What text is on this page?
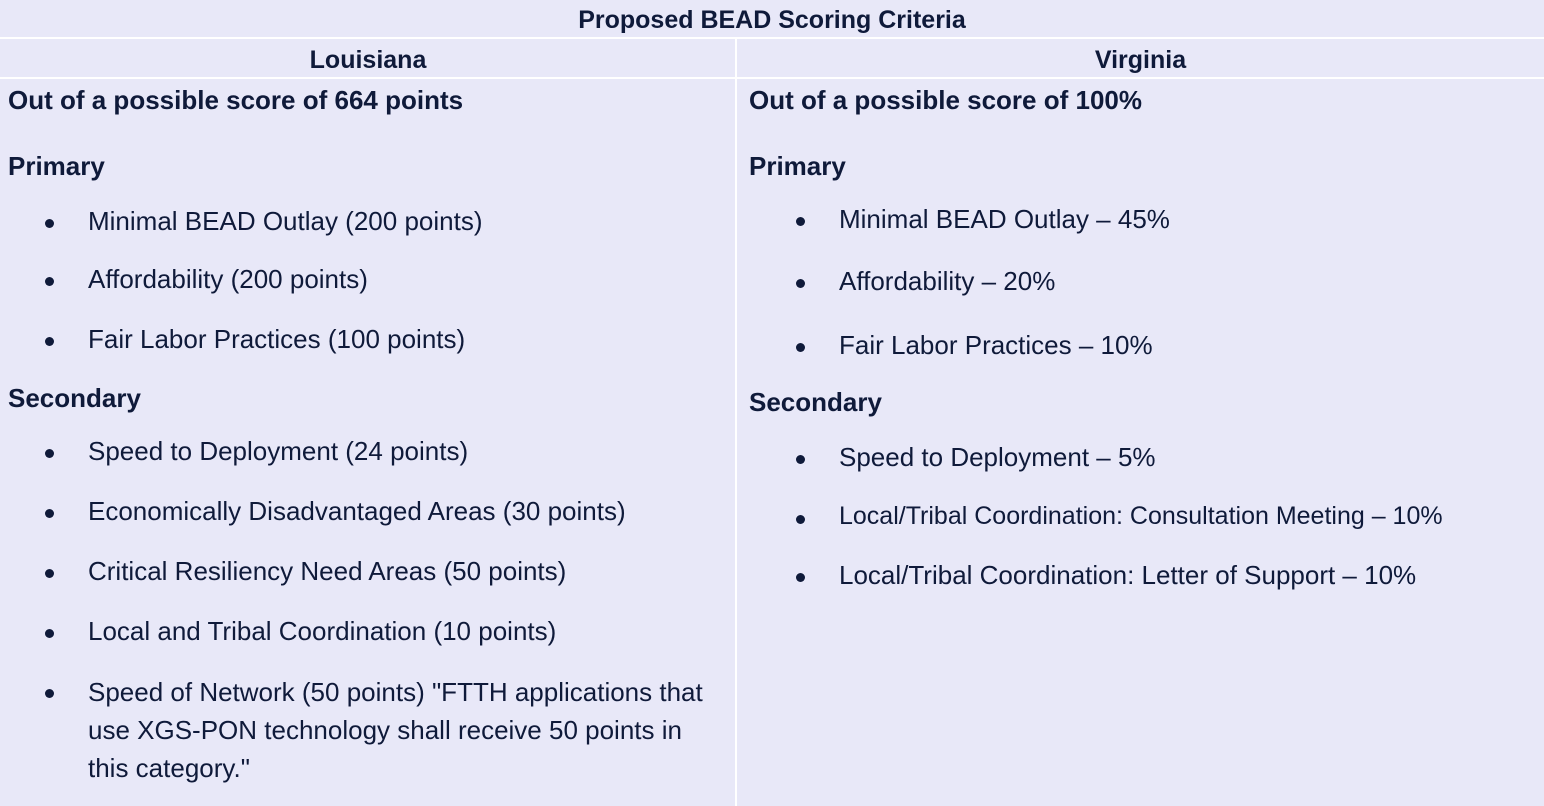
Proposed BEAD Scoring Criteria
Louisiana	Virginia
Out of a possible score of 664 points
Primary
Minimal BEAD Outlay (200 points)
Affordability (200 points)
Fair Labor Practices (100 points)
Secondary
Speed to Deployment (24 points)
Economically Disadvantaged Areas (30 points)
Critical Resiliency Need Areas (50 points)
Local and Tribal Coordination (10 points)
Speed of Network (50 points) "FTTH applications that use XGS-PON technology shall receive 50 points in this category."
Out of a possible score of 100%
Primary
Minimal BEAD Outlay – 45%
Affordability – 20%
Fair Labor Practices – 10%
Secondary
Speed to Deployment – 5%
Local/Tribal Coordination: Consultation Meeting – 10%
Local/Tribal Coordination: Letter of Support – 10%
